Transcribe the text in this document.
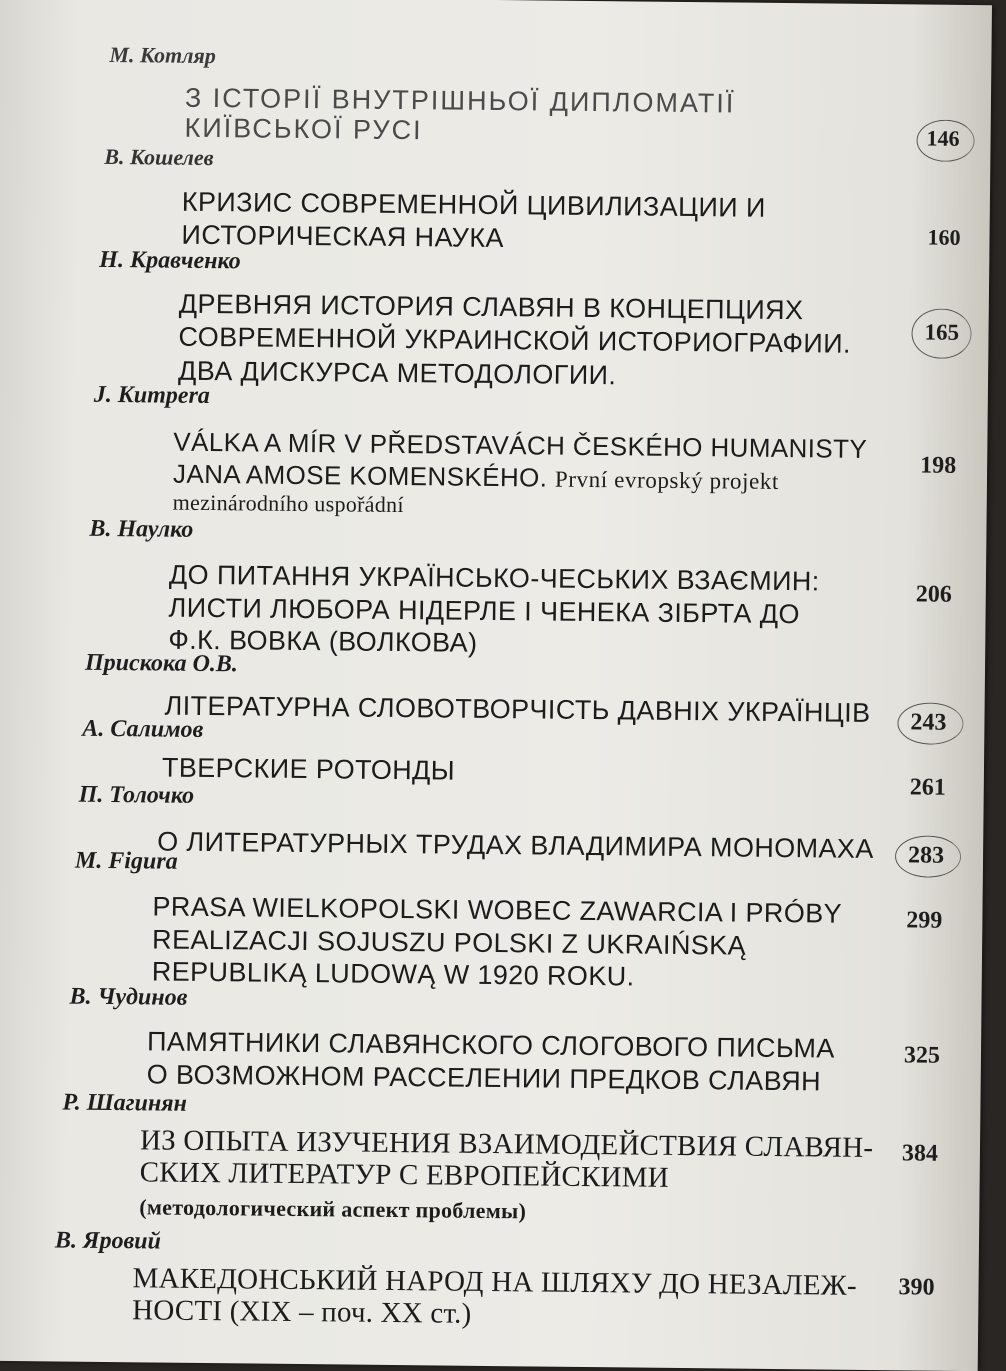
М. Котляр
З ІСТОРІЇ ВНУТРІШНЬОЇ ДИПЛОМАТІЇ
КИЇВСЬКОЇ РУСІ	146
В. Кошелев
КРИЗИС СОВРЕМЕННОЙ ЦИВИЛИЗАЦИИ И
ИСТОРИЧЕСКАЯ НАУКА	160
Н. Кравченко
ДРЕВНЯЯ ИСТОРИЯ СЛАВЯН В КОНЦЕПЦИЯХ
СОВРЕМЕННОЙ УКРАИНСКОЙ ИСТОРИОГРАФИИ.
ДВА ДИСКУРСА МЕТОДОЛОГИИ.
165
J. Kumpera
VÁLKA A MÍR V PŘEDSTAVÁCH ČESKÉHO HUMANISTY
JANA AMOSE KOMENSKÉHO. První evropský projekt
mezinárodního uspořádní
198
В. Наулко
ДО ПИТАННЯ УКРАЇНСЬКО-ЧЕСЬКИХ ВЗАЄМИН:
ЛИСТИ ЛЮБОРА НІДЕРЛЕ І ЧЕНЕКА ЗІБРТА ДО
Ф.К. ВОВКА (ВОЛКОВА)
206
Прискока О.В.
ЛІТЕРАТУРНА СЛОВОТВОРЧІСТЬ ДАВНІХ УКРАЇНЦІВ 243
А. Салимов
ТВЕРСКИЕ РОТОНДЫ
261
П. Толочко
О ЛИТЕРАТУРНЫХ ТРУДАХ ВЛАДИМИРА МОНОМАХА 283
M. Figura
PRASA WIELKOPOLSKI WOBEC ZAWARCIA I PRÓBY
REALIZACJI SOJUSZU POLSKI Z UKRAIŃSKĄ
REPUBLIKĄ LUDOWĄ W 1920 ROKU.
299
В. Чудинов
ПАМЯТНИКИ СЛАВЯНСКОГО СЛОГОВОГО ПИСЬМА
О ВОЗМОЖНОМ РАССЕЛЕНИИ ПРЕДКОВ СЛАВЯН
325
Р. Шагинян
ИЗ ОПЫТА ИЗУЧЕНИЯ ВЗАИМОДЕЙСТВИЯ СЛАВЯН-
СКИХ ЛИТЕРАТУР С ЕВРОПЕЙСКИМИ
(методологический аспект проблемы)
384
В. Яровий
МАКЕДОНСЬКИЙ НАРОД НА ШЛЯХУ ДО НЕЗАЛЕЖ-
НОСТІ (XIX – поч. XX ст.)
390
